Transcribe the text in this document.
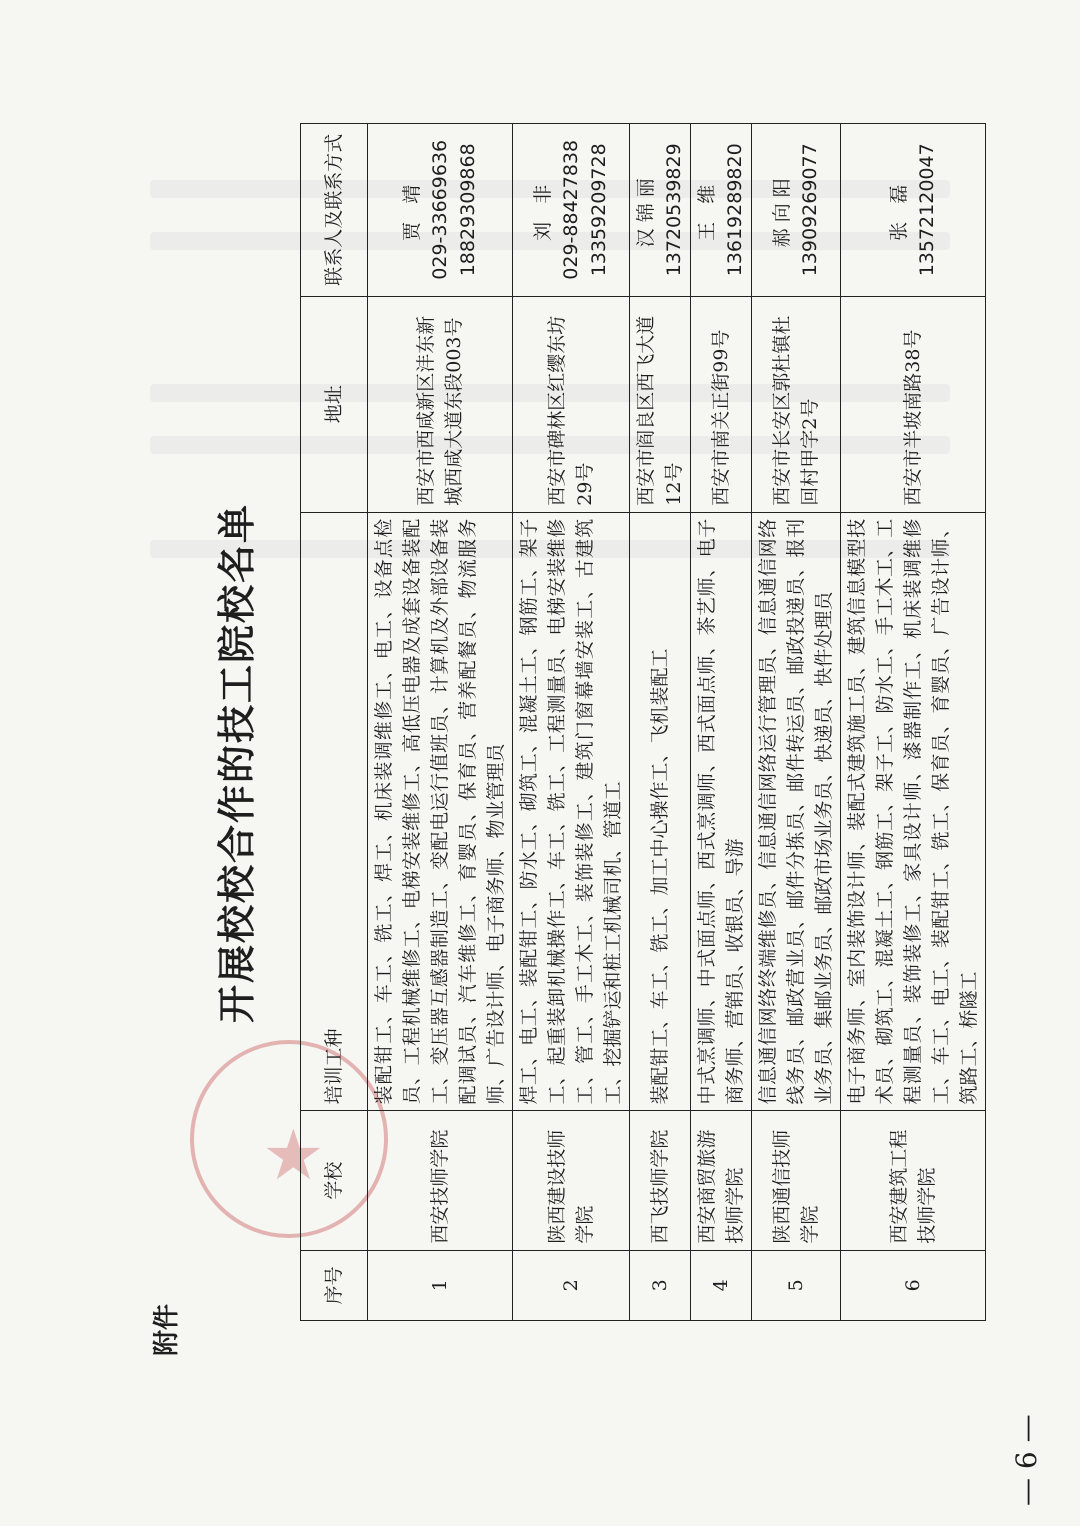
★
附件
开展校校合作的技工院校名单
序号	学校	培训工种	地址	联系人及联系方式
1	西安技师学院	装配钳工、车工、铣工、焊工、机床装调维修工、电工、设备点检员、工程机械维修工、电梯安装维修工、高低压电器及成套设备装配工、变压器互感器制造工、变配电运行值班员、计算机及外部设备装配调试员、汽车维修工、育婴员、保育员、营养配餐员、物流服务师、广告设计师、电子商务师、物业管理员	西安市西咸新区沣东新城西咸大道东段003号	贾 靖 029-33669636 18829309868

2	陕西建设技师学院	焊工、电工、装配钳工、防水工、砌筑工、混凝土工、钢筋工、架子工、起重装卸机械操作工、车工、铣工、工程测量员、电梯安装维修工、管工、手工木工、装饰装修工、建筑门窗幕墙安装工、古建筑工、挖掘铲运和桩工机械司机、管道工	西安市碑林区红缨东坊29号	刘 非 029-88427838 13359209728

3	西飞技师学院	装配钳工、车工、铣工、加工中心操作工、飞机装配工	西安市阎良区西飞大道12号	汉锦丽 13720539829

4	西安商贸旅游技师学院	中式烹调师、中式面点师、西式烹调师、西式面点师、茶艺师、电子商务师、营销员、收银员、导游	西安市南关正街99号	王 维 13619289820

5	陕西通信技师学院	信息通信网络终端维修员、信息通信网络运行管理员、信息通信网络线务员、邮政营业员、邮件分拣员、邮件转运员、邮政投递员、报刊业务员、集邮业务员、邮政市场业务员、快递员、快件处理员	西安市长安区郭杜镇杜回村甲字2号	郝向阳 13909269077

6	西安建筑工程技师学院	电子商务师、室内装饰设计师、装配式建筑施工员、建筑信息模型技术员、砌筑工、混凝土工、钢筋工、架子工、防水工、手工木工、工程测量员、装饰装修工、家具设计师、漆器制作工、机床装调维修工、车工、电工、装配钳工、铣工、保育员、育婴员、广告设计师、筑路工、桥隧工	西安市半坡南路38号	张 磊 13572120047
— 6 —
